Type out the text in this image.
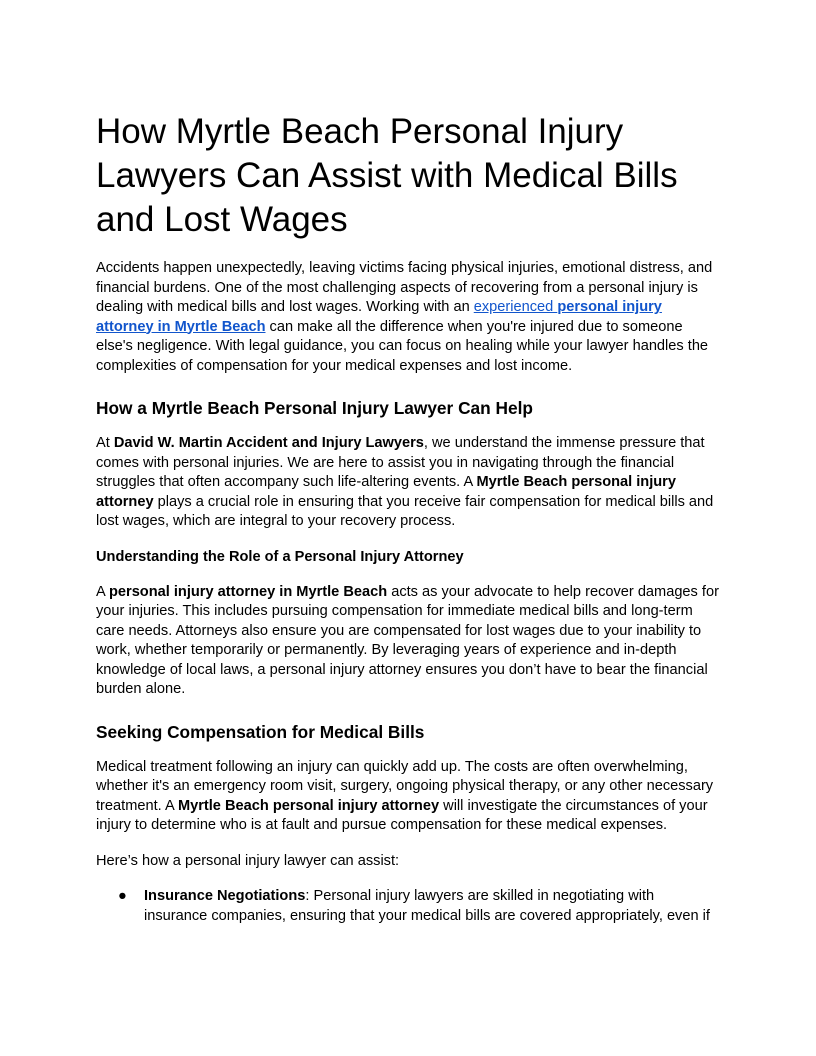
How Myrtle Beach Personal Injury Lawyers Can Assist with Medical Bills and Lost Wages

Accidents happen unexpectedly, leaving victims facing physical injuries, emotional distress, and financial burdens. One of the most challenging aspects of recovering from a personal injury is dealing with medical bills and lost wages. Working with an experienced personal injury attorney in Myrtle Beach can make all the difference when you're injured due to someone else's negligence. With legal guidance, you can focus on healing while your lawyer handles the complexities of compensation for your medical expenses and lost income.

How a Myrtle Beach Personal Injury Lawyer Can Help

At David W. Martin Accident and Injury Lawyers, we understand the immense pressure that comes with personal injuries. We are here to assist you in navigating through the financial struggles that often accompany such life-altering events. A Myrtle Beach personal injury attorney plays a crucial role in ensuring that you receive fair compensation for medical bills and lost wages, which are integral to your recovery process.

Understanding the Role of a Personal Injury Attorney

A personal injury attorney in Myrtle Beach acts as your advocate to help recover damages for your injuries. This includes pursuing compensation for immediate medical bills and long-term care needs. Attorneys also ensure you are compensated for lost wages due to your inability to work, whether temporarily or permanently. By leveraging years of experience and in-depth knowledge of local laws, a personal injury attorney ensures you don’t have to bear the financial burden alone.

Seeking Compensation for Medical Bills

Medical treatment following an injury can quickly add up. The costs are often overwhelming, whether it's an emergency room visit, surgery, ongoing physical therapy, or any other necessary treatment. A Myrtle Beach personal injury attorney will investigate the circumstances of your injury to determine who is at fault and pursue compensation for these medical expenses.

Here’s how a personal injury lawyer can assist:

● Insurance Negotiations: Personal injury lawyers are skilled in negotiating with insurance companies, ensuring that your medical bills are covered appropriately, even if
